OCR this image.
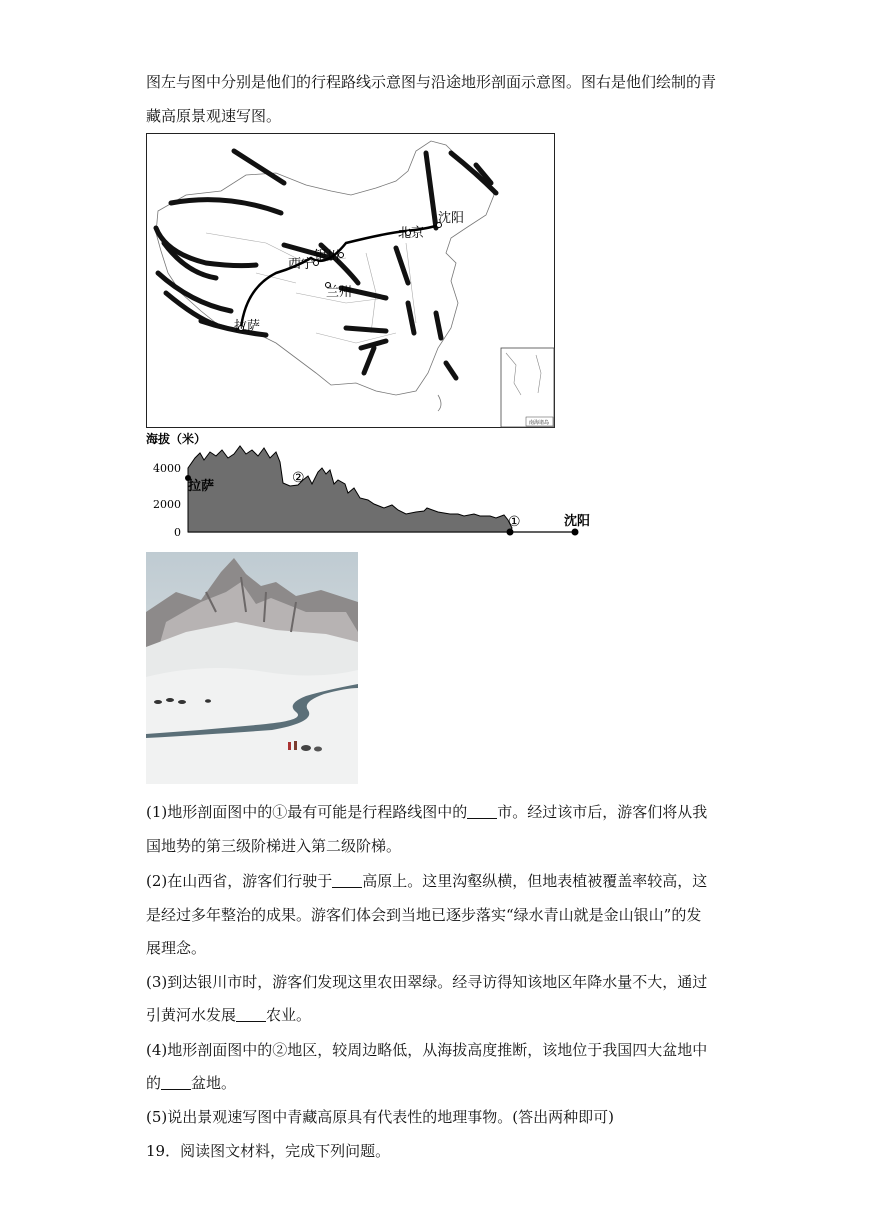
图左与图中分别是他们的行程路线示意图与沿途地形剖面示意图。图右是他们绘制的青
藏高原景观速写图。
沈阳
北京
银川
西宁
兰州
拉萨
南海诸岛
海拔（米）
4000
2000
0
拉萨
②
①	沈阳
(1)地形剖面图中的①最有可能是行程路线图中的 市。经过该市后，游客们将从我
国地势的第三级阶梯进入第二级阶梯。
(2)在山西省，游客们行驶于 高原上。这里沟壑纵横，但地表植被覆盖率较高，这
是经过多年整治的成果。游客们体会到当地已逐步落实“绿水青山就是金山银山”的发
展理念。
(3)到达银川市时，游客们发现这里农田翠绿。经寻访得知该地区年降水量不大，通过
引黄河水发展 农业。
(4)地形剖面图中的②地区，较周边略低，从海拔高度推断，该地位于我国四大盆地中
的 盆地。
(5)说出景观速写图中青藏高原具有代表性的地理事物。(答出两种即可)
19．阅读图文材料，完成下列问题。
